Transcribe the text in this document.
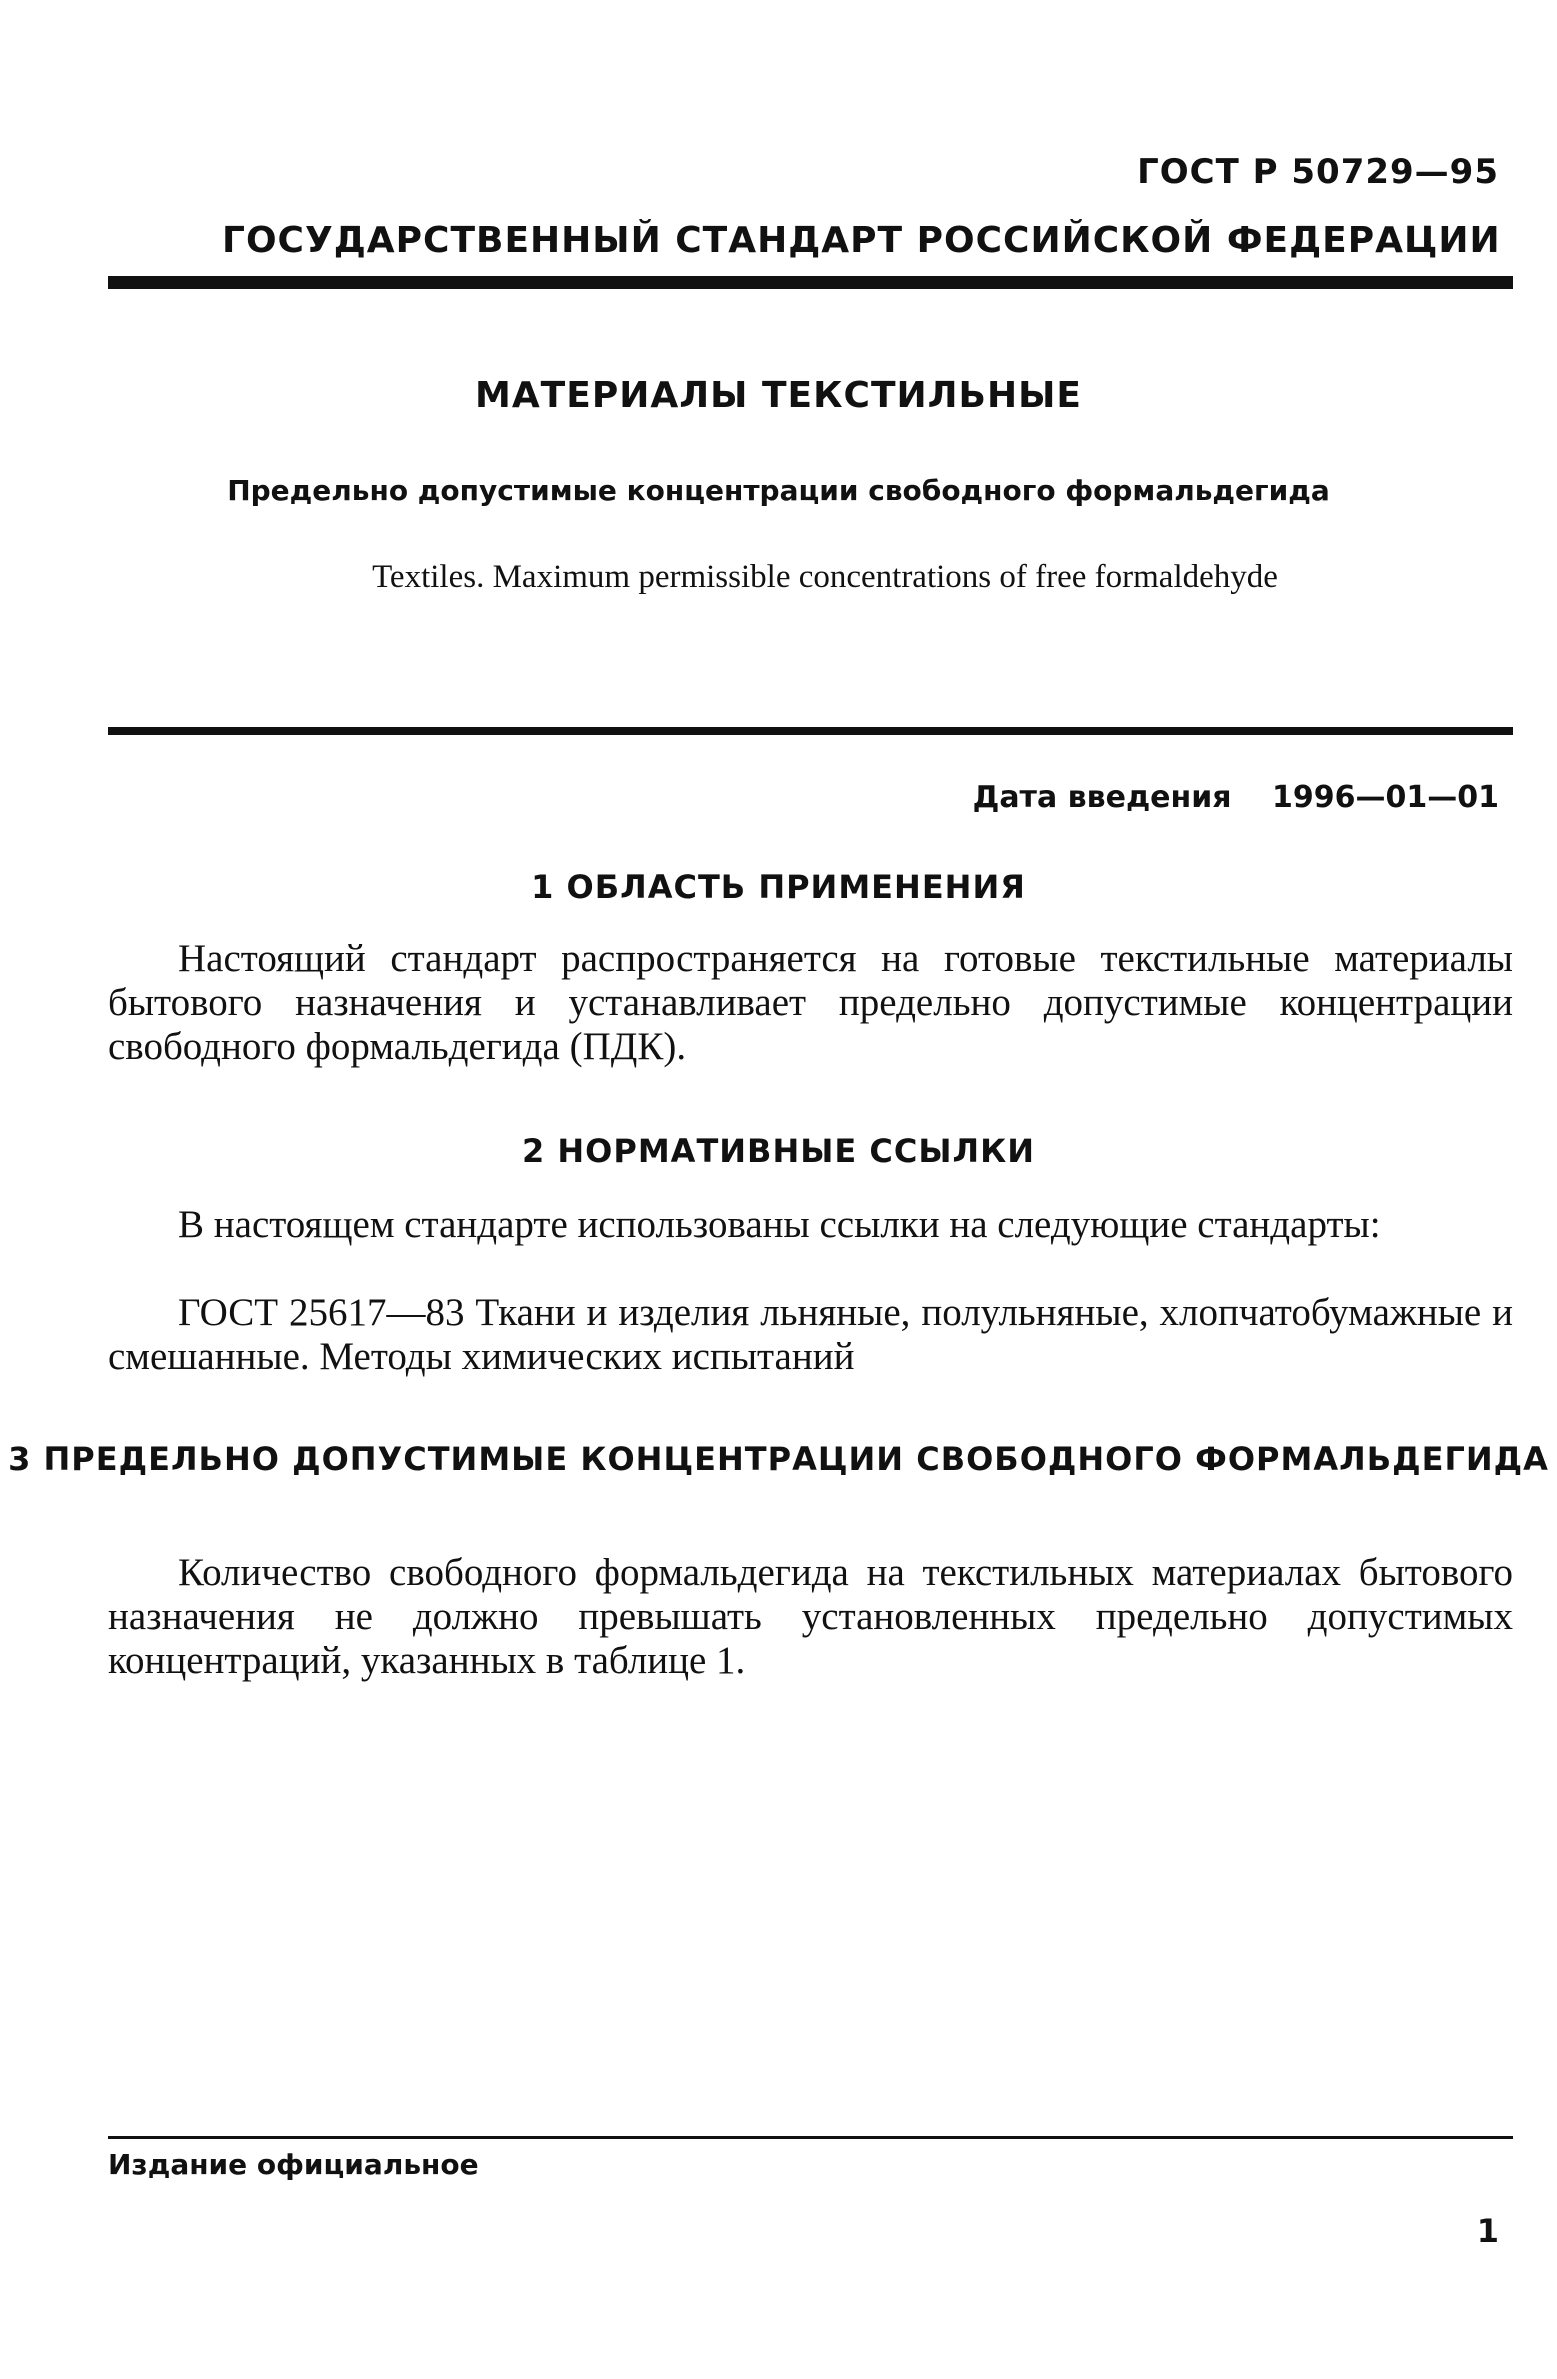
ГОСТ Р 50729—95
ГОСУДАРСТВЕННЫЙ СТАНДАРТ РОССИЙСКОЙ ФЕДЕРАЦИИ
МАТЕРИАЛЫ ТЕКСТИЛЬНЫЕ
Предельно допустимые концентрации свободного формальдегида
Textiles. Maximum permissible concentrations of free formaldehyde
Дата введения 1996—01—01
1 ОБЛАСТЬ ПРИМЕНЕНИЯ
Настоящий стандарт распространяется на готовые текстильные материалы бытового назначения и устанавливает предельно допустимые концентрации свободного формальдегида (ПДК).
2 НОРМАТИВНЫЕ ССЫЛКИ
В настоящем стандарте использованы ссылки на следующие стандарты:
ГОСТ 25617—83 Ткани и изделия льняные, полульняные, хлопчатобумажные и смешанные. Методы химических испытаний
3 ПРЕДЕЛЬНО ДОПУСТИМЫЕ КОНЦЕНТРАЦИИ СВОБОДНОГО ФОРМАЛЬДЕГИДА
Количество свободного формальдегида на текстильных материалах бытового назначения не должно превышать установленных предельно допустимых концентраций, указанных в таблице 1.
Издание официальное
1
